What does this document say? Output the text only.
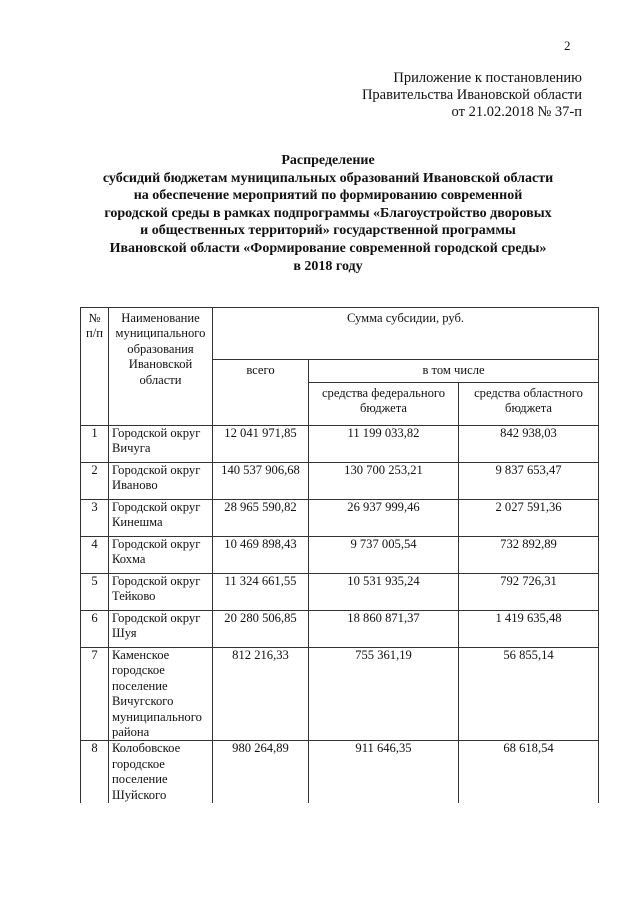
2
Приложение к постановлению
Правительства Ивановской области
от 21.02.2018 № 37-п
Распределение
субсидий бюджетам муниципальных образований Ивановской области
на обеспечение мероприятий по формированию современной
городской среды в рамках подпрограммы «Благоустройство дворовых
и общественных территорий» государственной программы
Ивановской области «Формирование современной городской среды»
в 2018 году
№ п/п	Наименование муниципального образования Ивановской области	Сумма субсидии, руб.		
		всего	в том числе	
			средства федерального бюджета	средства областного бюджета
1	Городской округ Вичуга	12 041 971,85	11 199 033,82	842 938,03
2	Городской округ Иваново	140 537 906,68	130 700 253,21	9 837 653,47
3	Городской округ Кинешма	28 965 590,82	26 937 999,46	2 027 591,36
4	Городской округ Кохма	10 469 898,43	9 737 005,54	732 892,89
5	Городской округ Тейково	11 324 661,55	10 531 935,24	792 726,31
6	Городской округ Шуя	20 280 506,85	18 860 871,37	1 419 635,48
7	Каменское городское поселение Вичугского муниципального района	812 216,33	755 361,19	56 855,14
8	Колобовское городское поселение Шуйского	980 264,89	911 646,35	68 618,54
